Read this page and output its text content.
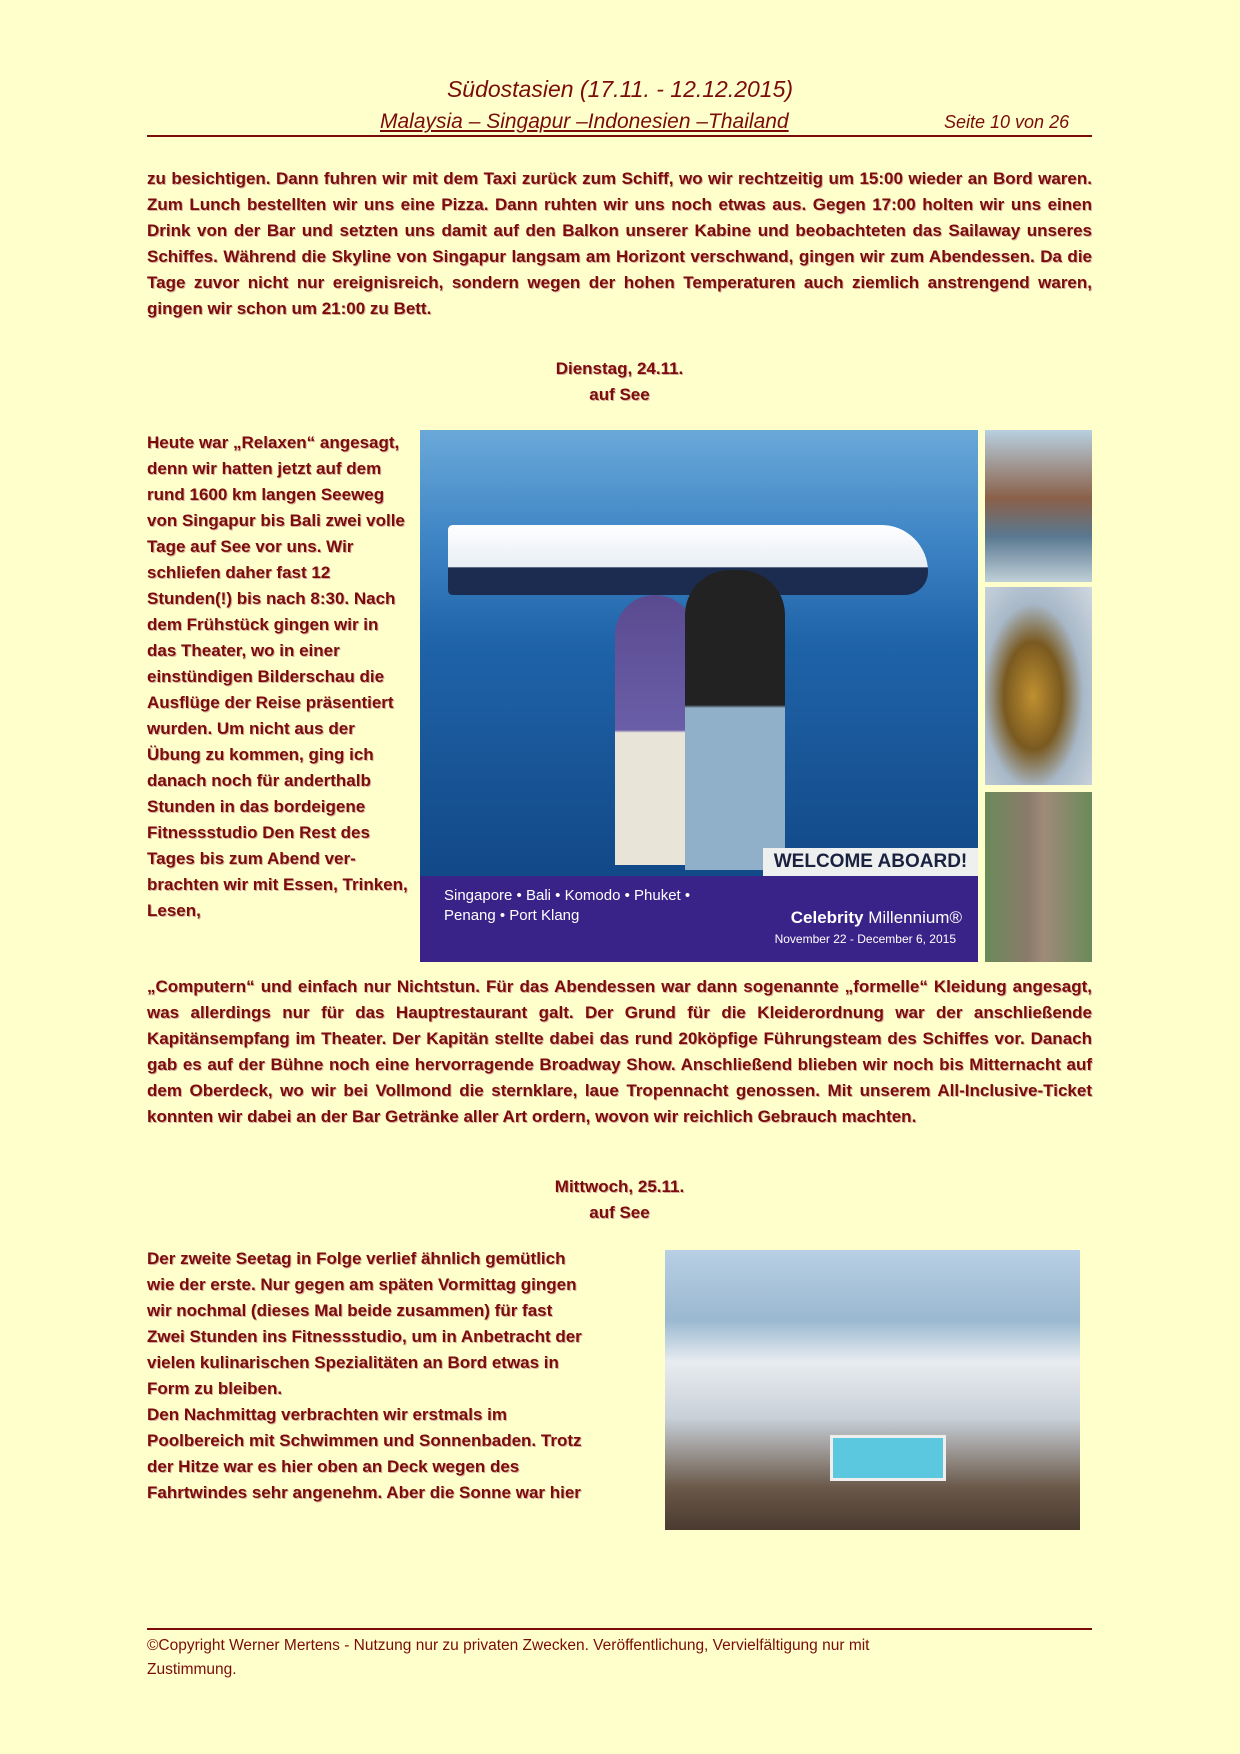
Südostasien (17.11. - 12.12.2015)
Malaysia – Singapur –Indonesien –Thailand	Seite 10 von 26

zu besichtigen. Dann fuhren wir mit dem Taxi zurück zum Schiff, wo wir rechtzeitig um 15:00 wieder an Bord waren. Zum Lunch bestellten wir uns eine Pizza. Dann ruhten wir uns noch etwas aus. Gegen 17:00 holten wir uns einen Drink von der Bar und setzten uns damit auf den Balkon unserer Kabine und beobachteten das Sailaway unseres Schiffes. Während die Skyline von Singapur langsam am Horizont verschwand, gingen wir zum Abendessen. Da die Tage zuvor nicht nur ereignisreich, sondern wegen der hohen Temperaturen auch ziemlich anstrengend waren, gingen wir schon um 21:00 zu Bett.

Dienstag, 24.11.
auf See

Heute war „Relaxen“ angesagt, denn wir hatten jetzt auf dem rund 1600 km langen Seeweg von Singapur bis Bali zwei volle Tage auf See vor uns. Wir schliefen daher fast 12 Stunden(!) bis nach 8:30. Nach dem Frühstück gingen wir in das Theater, wo in einer einstündigen Bilderschau die Ausflüge der Reise präsentiert wurden. Um nicht aus der Übung zu kommen, ging ich danach noch für anderthalb Stunden in das bordeigene Fitnessstudio Den Rest des Tages bis zum Abend ver-brachten wir mit Essen, Trinken, Lesen,

WELCOME ABOARD!
Singapore • Bali • Komodo • Phuket • Penang • Port Klang	Celebrity Millennium®
November 22 - December 6, 2015

„Computern“ und einfach nur Nichtstun. Für das Abendessen war dann sogenannte „formelle“ Kleidung angesagt, was allerdings nur für das Hauptrestaurant galt. Der Grund für die Kleiderordnung war der anschließende Kapitänsempfang im Theater. Der Kapitän stellte dabei das rund 20köpfige Führungsteam des Schiffes vor. Danach gab es auf der Bühne noch eine hervorragende Broadway Show. Anschließend blieben wir noch bis Mitternacht auf dem Oberdeck, wo wir bei Vollmond die sternklare, laue Tropennacht genossen. Mit unserem All-Inclusive-Ticket konnten wir dabei an der Bar Getränke aller Art ordern, wovon wir reichlich Gebrauch machten.

Mittwoch, 25.11.
auf See
Der zweite Seetag in Folge verlief ähnlich gemütlich
wie der erste. Nur gegen am späten Vormittag gingen
wir nochmal (dieses Mal beide zusammen) für fast
Zwei Stunden ins Fitnessstudio, um in Anbetracht der
vielen kulinarischen Spezialitäten an Bord etwas in
Form zu bleiben.
Den Nachmittag verbrachten wir erstmals im
Poolbereich mit Schwimmen und Sonnenbaden. Trotz
der Hitze war es hier oben an Deck wegen des
Fahrtwindes sehr angenehm. Aber die Sonne war hier
©Copyright Werner Mertens - Nutzung nur zu privaten Zwecken. Veröffentlichung, Vervielfältigung nur mit
Zustimmung.
